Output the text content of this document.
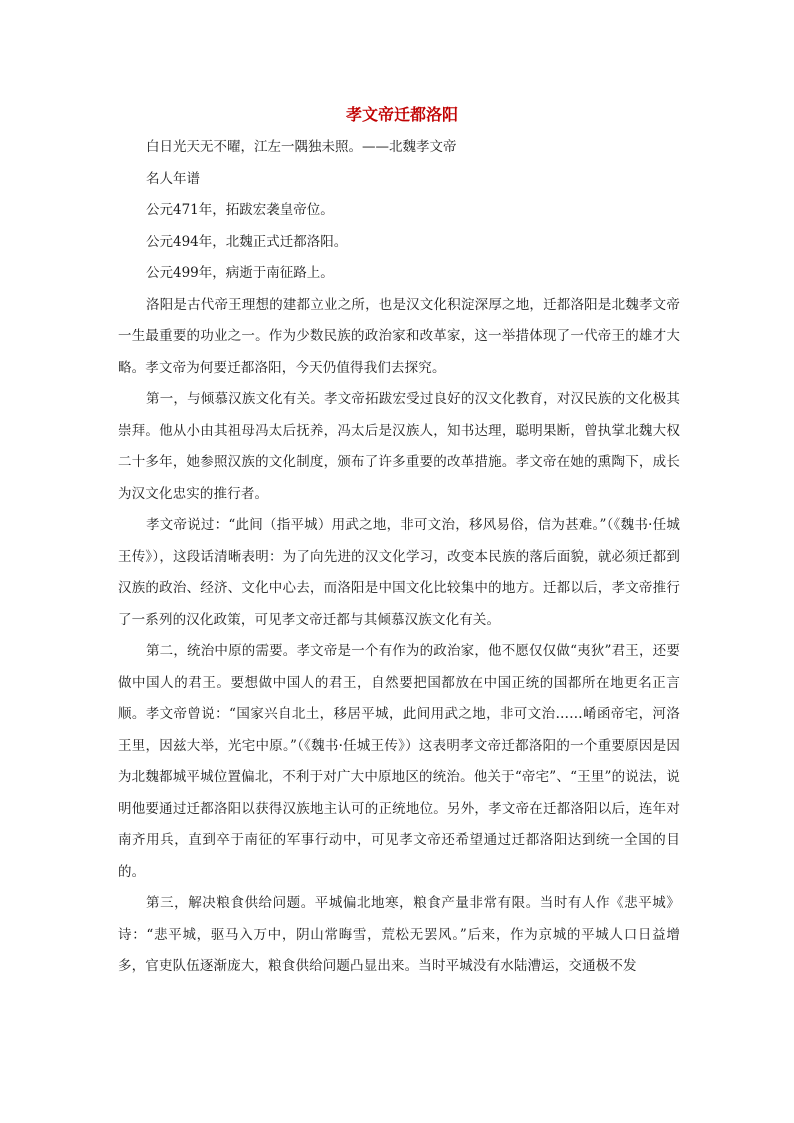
孝文帝迁都洛阳

白日光天无不曜，江左一隅独未照。——北魏孝文帝

名人年谱

公元471年，拓跋宏袭皇帝位。

公元494年，北魏正式迁都洛阳。

公元499年，病逝于南征路上。

洛阳是古代帝王理想的建都立业之所，也是汉文化积淀深厚之地，迁都洛阳是北魏孝文帝一生最重要的功业之一。作为少数民族的政治家和改革家，这一举措体现了一代帝王的雄才大略。孝文帝为何要迁都洛阳，今天仍值得我们去探究。

第一，与倾慕汉族文化有关。孝文帝拓跋宏受过良好的汉文化教育，对汉民族的文化极其崇拜。他从小由其祖母冯太后抚养，冯太后是汉族人，知书达理，聪明果断，曾执掌北魏大权二十多年，她参照汉族的文化制度，颁布了许多重要的改革措施。孝文帝在她的熏陶下，成长为汉文化忠实的推行者。

孝文帝说过：“此间（指平城）用武之地，非可文治，移风易俗，信为甚难。”（《魏书·任城王传》），这段话清晰表明：为了向先进的汉文化学习，改变本民族的落后面貌，就必须迁都到汉族的政治、经济、文化中心去，而洛阳是中国文化比较集中的地方。迁都以后，孝文帝推行了一系列的汉化政策，可见孝文帝迁都与其倾慕汉族文化有关。

第二，统治中原的需要。孝文帝是一个有作为的政治家，他不愿仅仅做“夷狄”君王，还要做中国人的君王。要想做中国人的君王，自然要把国都放在中国正统的国都所在地更名正言顺。孝文帝曾说：“国家兴自北土，移居平城，此间用武之地，非可文治……崤函帝宅，河洛王里，因兹大举，光宅中原。”（《魏书·任城王传》）这表明孝文帝迁都洛阳的一个重要原因是因为北魏都城平城位置偏北，不利于对广大中原地区的统治。他关于“帝宅”、“王里”的说法，说明他要通过迁都洛阳以获得汉族地主认可的正统地位。另外，孝文帝在迁都洛阳以后，连年对南齐用兵，直到卒于南征的军事行动中，可见孝文帝还希望通过迁都洛阳达到统一全国的目的。

第三，解决粮食供给问题。平城偏北地寒，粮食产量非常有限。当时有人作《悲平城》诗：“悲平城，驱马入万中，阴山常晦雪，荒松无罢风。”后来，作为京城的平城人口日益增多，官吏队伍逐渐庞大，粮食供给问题凸显出来。当时平城没有水陆漕运，交通极不发
